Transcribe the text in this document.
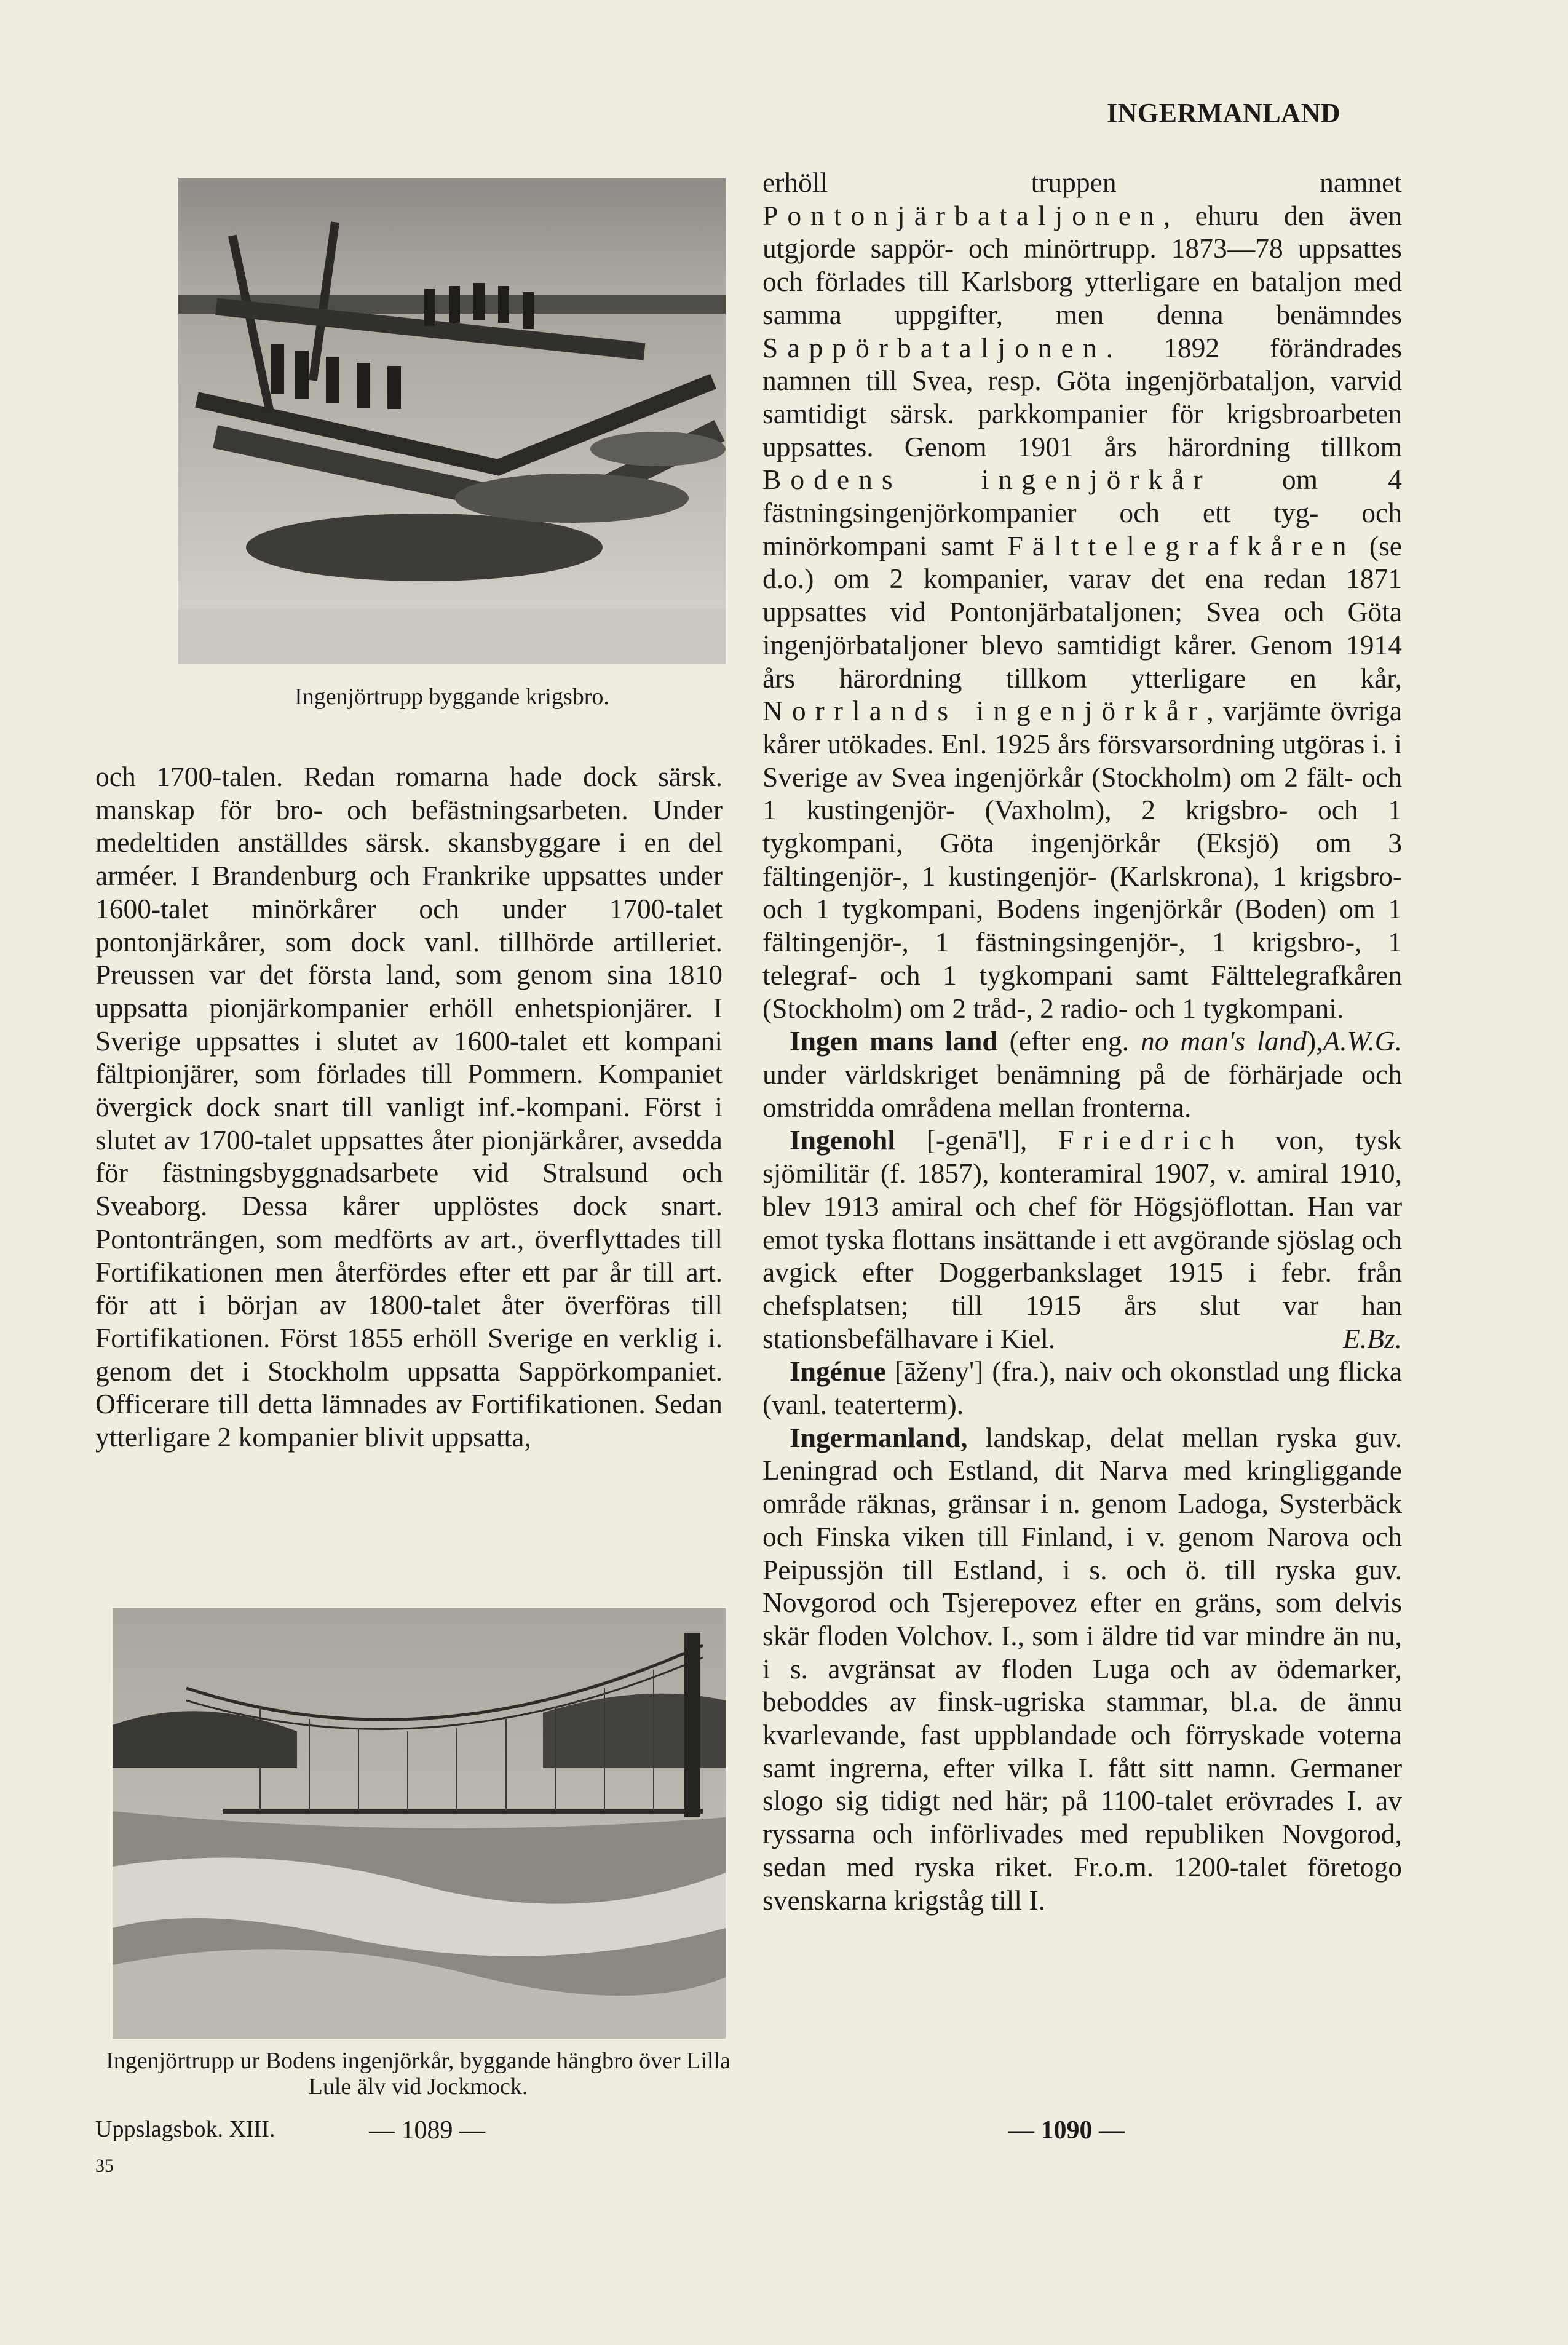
INGERMANLAND
Ingenjörtrupp byggande krigsbro.

och 1700-talen. Redan romarna hade dock särsk. manskap för bro- och befästningsarbeten. Under medeltiden anställdes särsk. skansbyggare i en del arméer. I Brandenburg och Frankrike uppsattes under 1600-talet minörkårer och under 1700-talet pontonjärkårer, som dock vanl. tillhörde artilleriet. Preussen var det första land, som genom sina 1810 uppsatta pionjärkompanier erhöll enhetspionjärer. I Sverige uppsattes i slutet av 1600-talet ett kompani fältpionjärer, som förlades till Pommern. Kompaniet övergick dock snart till vanligt inf.-kompani. Först i slutet av 1700-talet uppsattes åter pionjärkårer, avsedda för fästningsbyggnadsarbete vid Stralsund och Sveaborg. Dessa kårer upplöstes dock snart. Pontonträngen, som medförts av art., överflyttades till Fortifikationen men återfördes efter ett par år till art. för att i början av 1800-talet åter överföras till Fortifikationen. Först 1855 erhöll Sverige en verklig i. genom det i Stockholm uppsatta Sappörkompaniet. Officerare till detta lämnades av Fortifikationen. Sedan ytterligare 2 kompanier blivit uppsatta,

Ingenjörtrupp ur Bodens ingenjörkår, byggande hängbro över Lilla Lule älv vid Jockmock.

erhöll truppen namnet Pontonjärbataljonen, ehuru den även utgjorde sappör- och minörtrupp. 1873—78 uppsattes och förlades till Karlsborg ytterligare en bataljon med samma uppgifter, men denna benämndes Sappörbataljonen. 1892 förändrades namnen till Svea, resp. Göta ingenjörbataljon, varvid samtidigt särsk. parkkompanier för krigsbroarbeten uppsattes. Genom 1901 års härordning tillkom Bodens ingenjörkår om 4 fästningsingenjörkompanier och ett tyg- och minörkompani samt Fälttelegrafkåren (se d.o.) om 2 kompanier, varav det ena redan 1871 uppsattes vid Pontonjärbataljonen; Svea och Göta ingenjörbataljoner blevo samtidigt kårer. Genom 1914 års härordning tillkom ytterligare en kår, Norrlands ingenjörkår, varjämte övriga kårer utökades. Enl. 1925 års försvarsordning utgöras i. i Sverige av Svea ingenjörkår (Stockholm) om 2 fält- och 1 kustingenjör- (Vaxholm), 2 krigsbro- och 1 tygkompani, Göta ingenjörkår (Eksjö) om 3 fältingenjör-, 1 kustingenjör- (Karlskrona), 1 krigsbro- och 1 tygkompani, Bodens ingenjörkår (Boden) om 1 fältingenjör-, 1 fästningsingenjör-, 1 krigsbro-, 1 telegraf- och 1 tygkompani samt Fälttelegrafkåren (Stockholm) om 2 tråd-, 2 radio- och 1 tygkompani.
A.W.G.

Ingen mans land (efter eng. no man's land), under världskriget benämning på de förhärjade och omstridda områdena mellan fronterna.

Ingenohl [-genā'l], Friedrich von, tysk sjömilitär (f. 1857), konteramiral 1907, v. amiral 1910, blev 1913 amiral och chef för Högsjöflottan. Han var emot tyska flottans insättande i ett avgörande sjöslag och avgick efter Doggerbankslaget 1915 i febr. från chefsplatsen; till 1915 års slut var han stationsbefälhavare i Kiel.	E.Bz.

Ingénue [āženy'] (fra.), naiv och okonstlad ung flicka (vanl. teaterterm).

Ingermanland, landskap, delat mellan ryska guv. Leningrad och Estland, dit Narva med kringliggande område räknas, gränsar i n. genom Ladoga, Systerbäck och Finska viken till Finland, i v. genom Narova och Peipussjön till Estland, i s. och ö. till ryska guv. Novgorod och Tsjerepovez efter en gräns, som delvis skär floden Volchov. I., som i äldre tid var mindre än nu, i s. avgränsat av floden Luga och av ödemarker, beboddes av finsk-ugriska stammar, bl.a. de ännu kvarlevande, fast uppblandade och förryskade voterna samt ingrerna, efter vilka I. fått sitt namn. Germaner slogo sig tidigt ned här; på 1100-talet erövrades I. av ryssarna och införlivades med republiken Novgorod, sedan med ryska riket. Fr.o.m. 1200-talet företogo svenskarna krigståg till I.

Uppslagsbok. XIII.
35
— 1089 —	— 1090 —
